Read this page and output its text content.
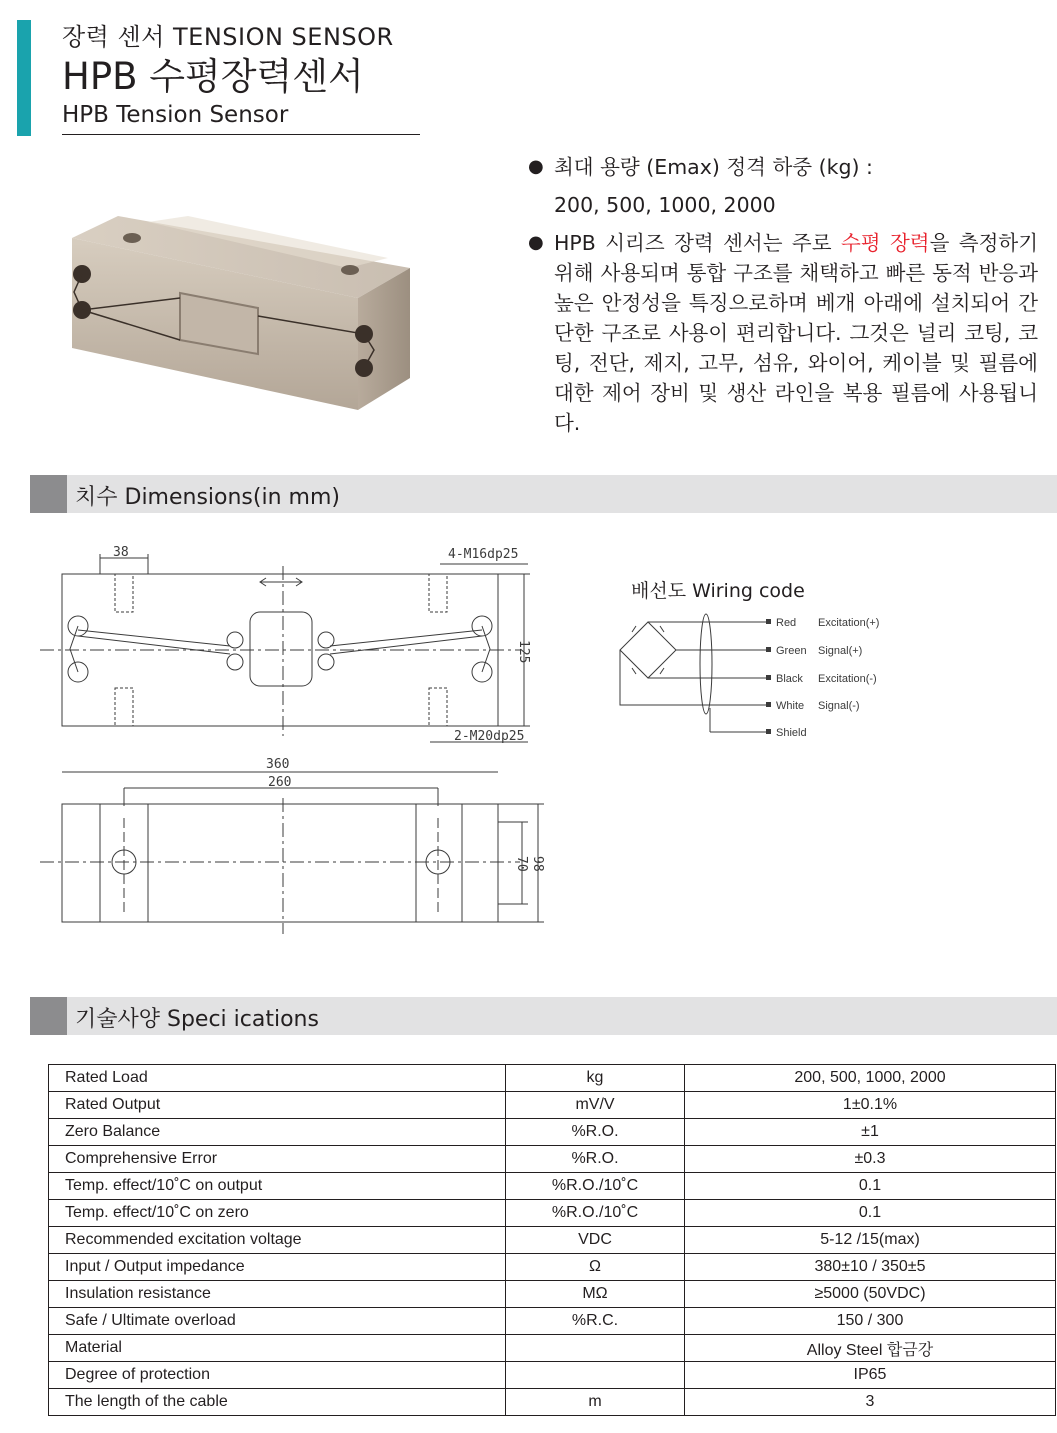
장력 센서 TENSION SENSOR
HPB 수평장력센서
HPB Tension Sensor
● 최대 용량 (Emax) 정격 하중 (kg) :
200, 500, 1000, 2000
● HPB 시리즈 장력 센서는 주로 수평 장력을 측정하기 위해 사용되며 통합 구조를 채택하고 빠른 동적 반응과 높은 안정성을 특징으로하며 베개 아래에 설치되어 간단한 구조로 사용이 편리합니다. 그것은 널리 코팅, 코팅, 전단, 제지, 고무, 섬유, 와이어, 케이블 및 필름에 대한 제어 장비 및 생산 라인을 복용 필름에 사용됩니다.
치수 Dimensions(in mm)
38	4-M16dp25
2-M20dp25
125
360
260
70 98
배선도 Wiring code
Red Excitation(+)
Green Signal(+)
Black Excitation(-)
White Signal(-)
Shield
기술사양 Speci ications
Rated Load	kg	200, 500, 1000, 2000
Rated Output	mV/V	1±0.1%
Zero Balance	%R.O.	±1
Comprehensive Error	%R.O.	±0.3
Temp. effect/10˚C on output	%R.O./10˚C	0.1
Temp. effect/10˚C on zero	%R.O./10˚C	0.1
Recommended excitation voltage	VDC	5-12 /15(max)
Input / Output impedance	Ω	380±10 / 350±5
Insulation resistance	MΩ	≥5000 (50VDC)
Safe / Ultimate overload	%R.C.	150 / 300
Material		Alloy Steel 합금강
Degree of protection		IP65
The length of the cable	m	3
